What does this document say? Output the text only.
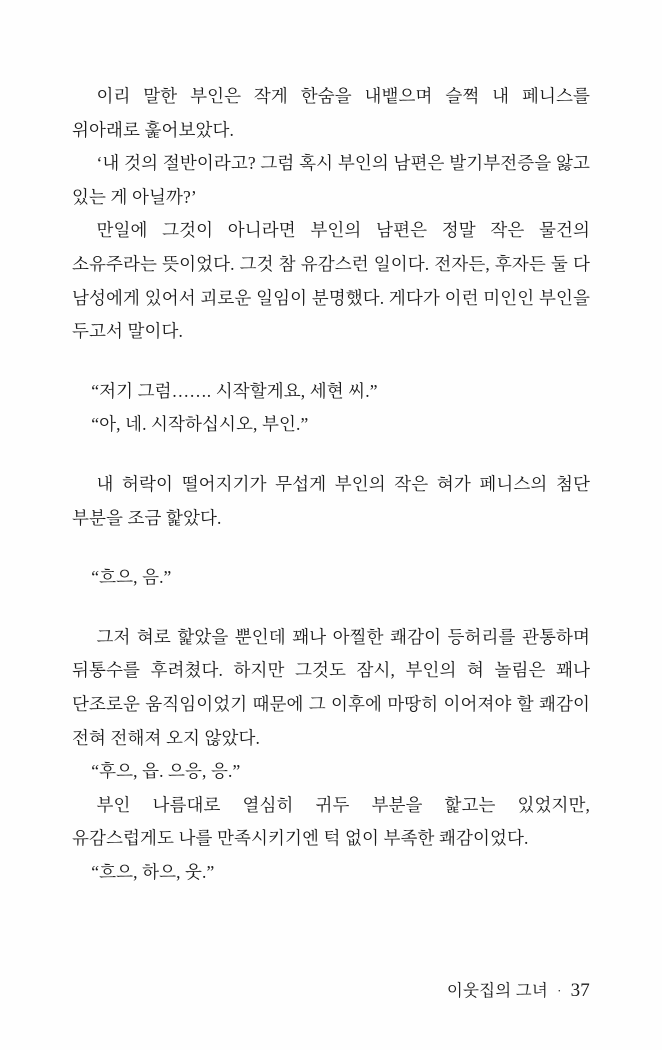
이리 말한 부인은 작게 한숨을 내뱉으며 슬쩍 내 페니스를 위아래로 훑어보았다.

‘내 것의 절반이라고? 그럼 혹시 부인의 남편은 발기부전증을 앓고 있는 게 아닐까?’

만일에 그것이 아니라면 부인의 남편은 정말 작은 물건의 소유주라는 뜻이었다. 그것 참 유감스런 일이다. 전자든, 후자든 둘 다 남성에게 있어서 괴로운 일임이 분명했다. 게다가 이런 미인인 부인을 두고서 말이다.

“저기 그럼……. 시작할게요, 세현 씨.”

“아, 네. 시작하십시오, 부인.”

내 허락이 떨어지기가 무섭게 부인의 작은 혀가 페니스의 첨단 부분을 조금 핥았다.

“흐으, 음.”

그저 혀로 핥았을 뿐인데 꽤나 아찔한 쾌감이 등허리를 관통하며 뒤통수를 후려쳤다. 하지만 그것도 잠시, 부인의 혀 놀림은 꽤나 단조로운 움직임이었기 때문에 그 이후에 마땅히 이어져야 할 쾌감이 전혀 전해져 오지 않았다.

“후으, 읍. 으응, 응.”

부인 나름대로 열심히 귀두 부분을 핥고는 있었지만, 유감스럽게도 나를 만족시키기엔 턱 없이 부족한 쾌감이었다.

“흐으, 하으, 웃.”

이웃집의 그녀 · 37
